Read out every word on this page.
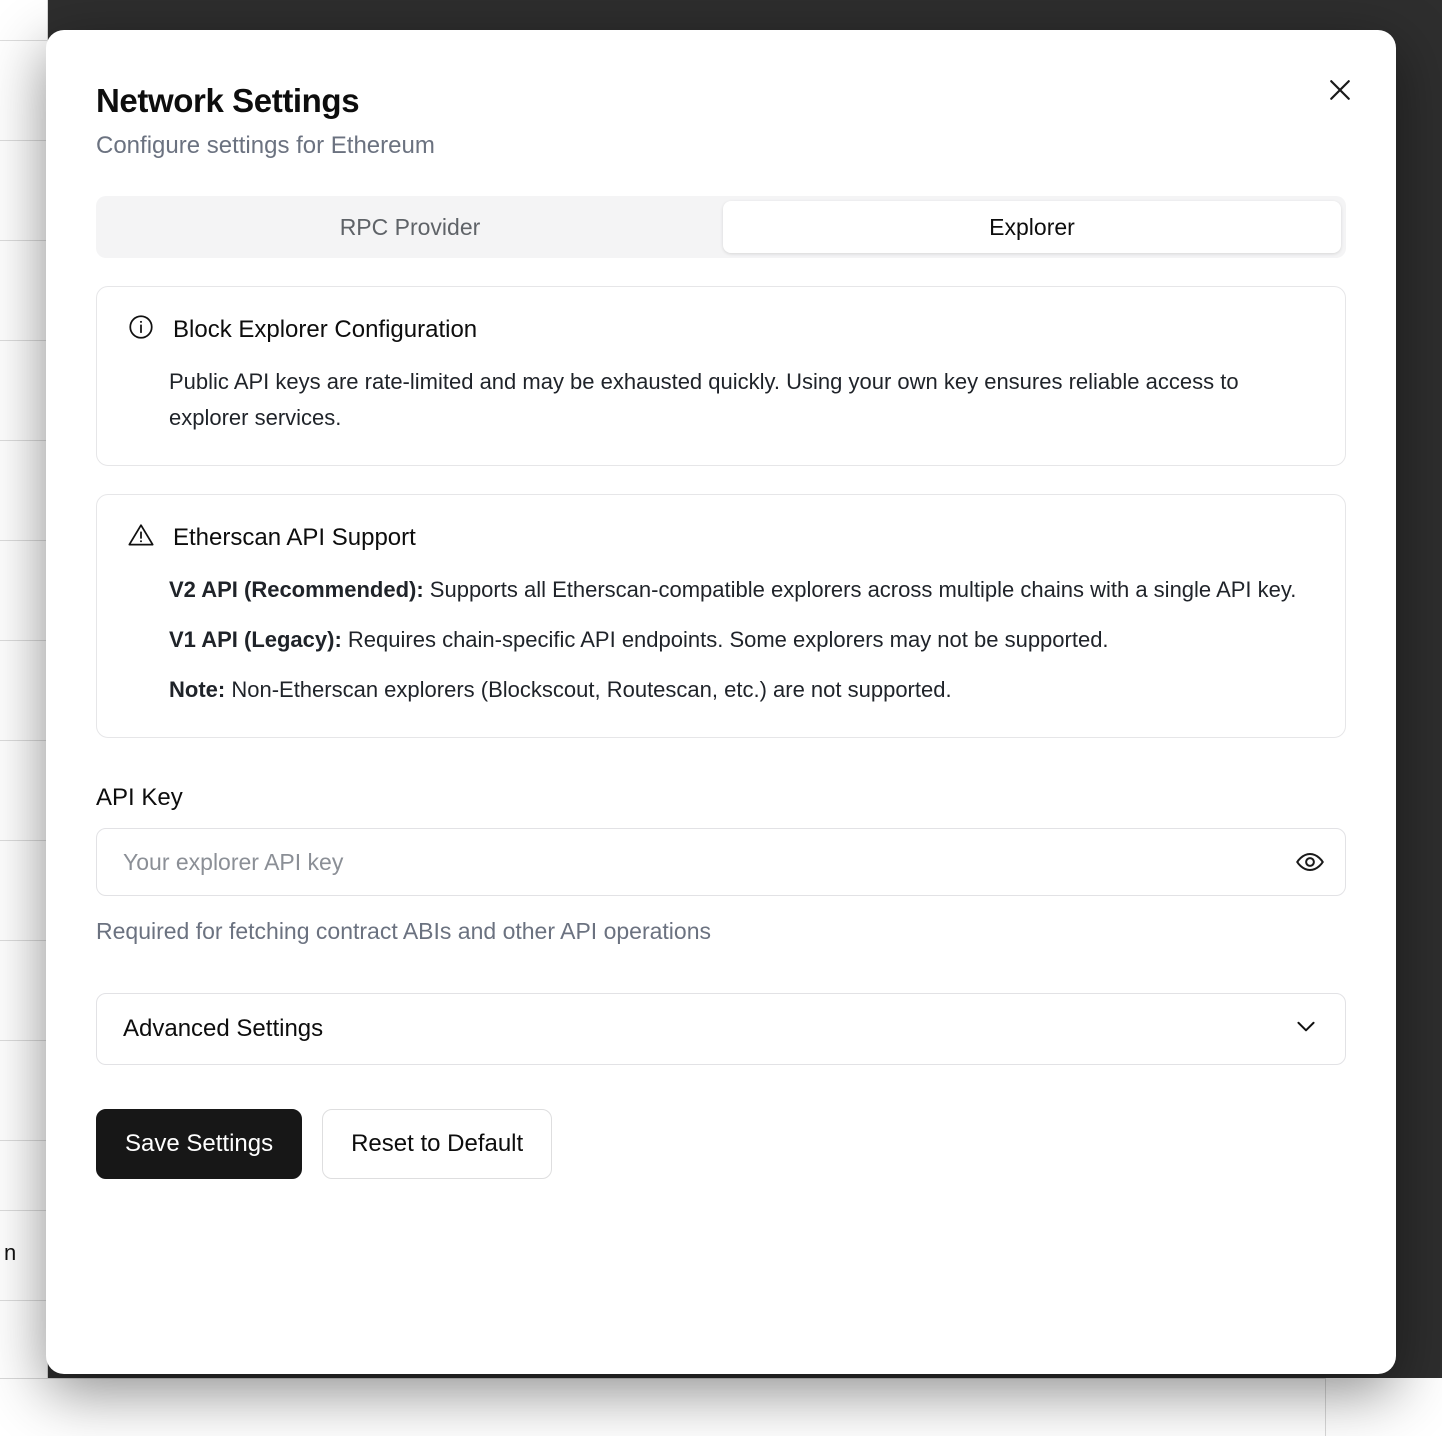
n
Network Settings

Configure settings for Ethereum

RPC Provider	Explorer
Block Explorer Configuration

Public API keys are rate-limited and may be exhausted quickly. Using your own key ensures reliable access to explorer services.

Etherscan API Support

V2 API (Recommended): Supports all Etherscan-compatible explorers across multiple chains with a single API key.

V1 API (Legacy): Requires chain-specific API endpoints. Some explorers may not be supported.

Note: Non-Etherscan explorers (Blockscout, Routescan, etc.) are not supported.

API Key
Your explorer API key
Required for fetching contract ABIs and other API operations
Advanced Settings
Save Settings	Reset to Default
